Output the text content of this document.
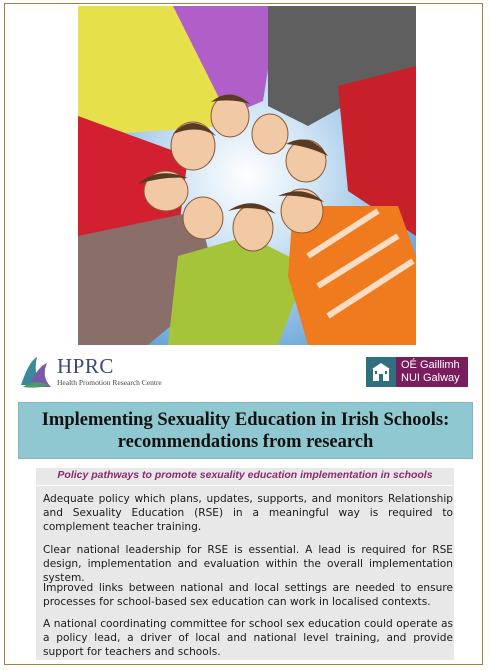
HPRC
Health Promotion Research Centre
OÉ Gaillimh
NUI Galway
Implementing Sexuality Education in Irish Schools:
recommendations from research
Policy pathways to promote sexuality education implementation in schools
Adequate policy which plans, updates, supports, and monitors Relationship and Sexuality Education (RSE) in a meaningful way is required to complement teacher training.
Clear national leadership for RSE is essential. A lead is required for RSE design, implementation and evaluation within the overall implementation system.
Improved links between national and local settings are needed to ensure processes for school-based sex education can work in localised contexts.
A national coordinating committee for school sex education could operate as a policy lead, a driver of local and national level training, and provide support for teachers and schools.
